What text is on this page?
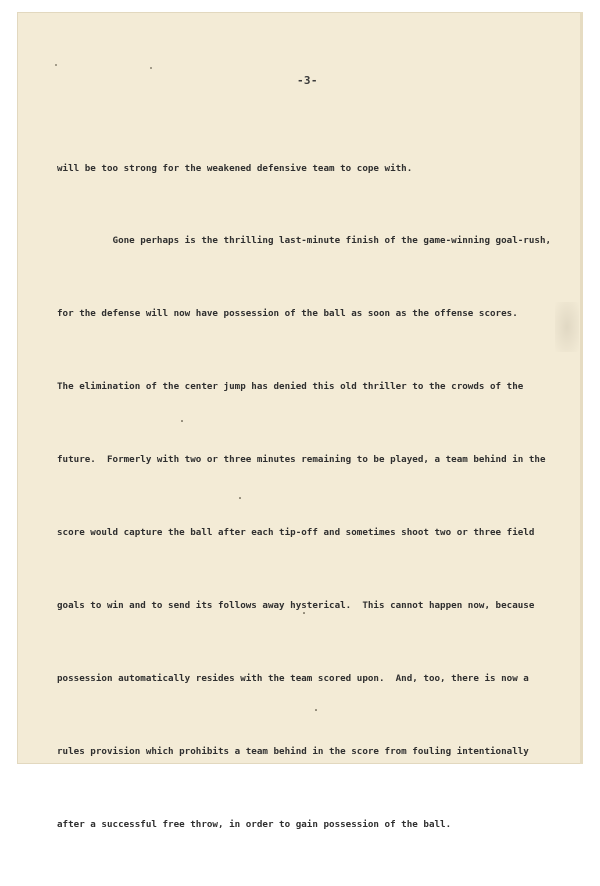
-3-

will be too strong for the weakened defensive team to cope with.

Gone perhaps is the thrilling last-minute finish of the game-winning goal-rush,

for the defense will now have possession of the ball as soon as the offense scores.

The elimination of the center jump has denied this old thriller to the crowds of the

future.  Formerly with two or three minutes remaining to be played, a team behind in the

score would capture the ball after each tip-off and sometimes shoot two or three field

goals to win and to send its follows away hysterical.  This cannot happen now, because

possession automatically resides with the team scored upon.  And, too, there is now a

rules provision which prohibits a team behind in the score from fouling intentionally

after a successful free throw, in order to gain possession of the ball.
